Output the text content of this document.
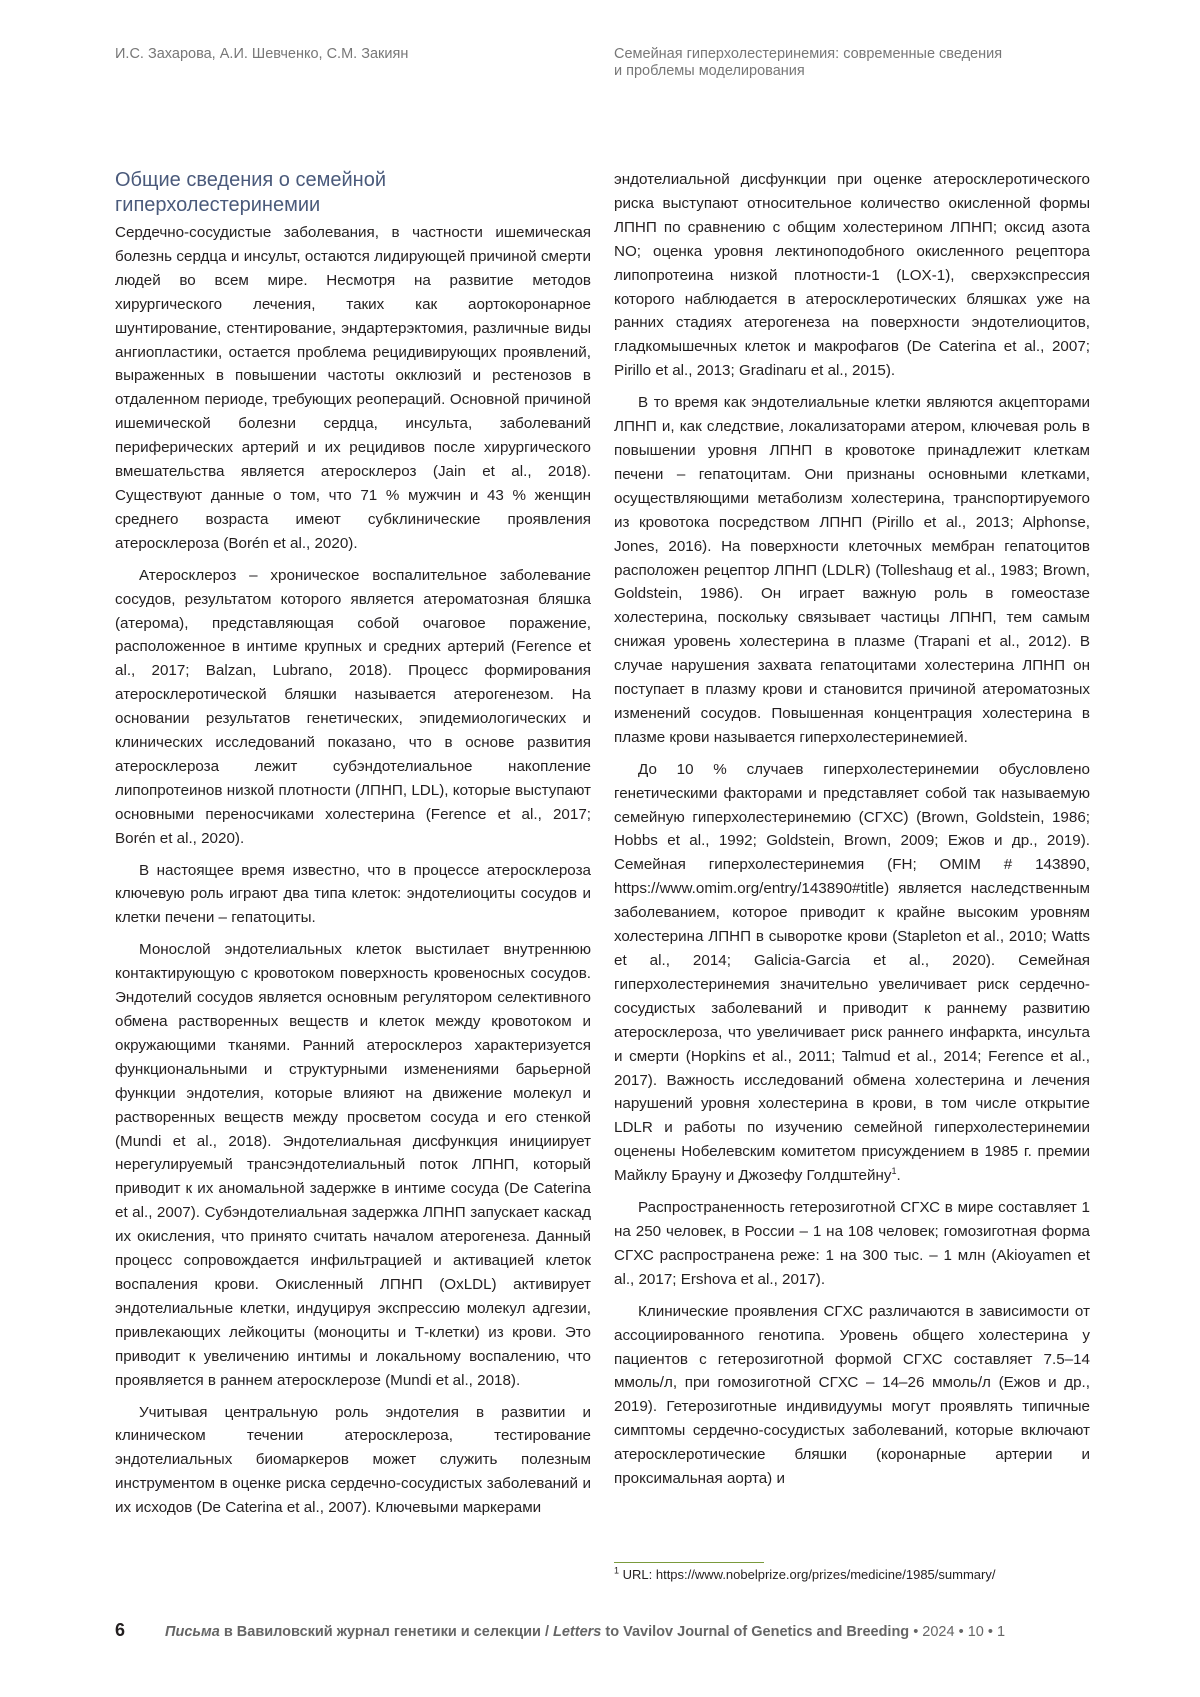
И.С. Захарова, А.И. Шевченко, С.М. Закиян	Семейная гиперхолестеринемия: современные сведения
и проблемы моделирования
Общие сведения о семейной
гиперхолестеринемии

Сердечно-сосудистые заболевания, в частности ишемическая болезнь сердца и инсульт, остаются лидирующей причиной смерти людей во всем мире. Несмотря на развитие методов хирургического лечения, таких как аортокоронарное шунтирование, стентирование, эндартерэктомия, различные виды ангиопластики, остается проблема рецидивирующих проявлений, выраженных в повышении частоты окклюзий и рестенозов в отдаленном периоде, требующих реопераций. Основной причиной ишемической болезни сердца, инсульта, заболеваний периферических артерий и их рецидивов после хирургического вмешательства является атеросклероз (Jain et al., 2018). Существуют данные о том, что 71 % мужчин и 43 % женщин среднего возраста имеют субклинические проявления атеросклероза (Borén et al., 2020).

Атеросклероз – хроническое воспалительное заболевание сосудов, результатом которого является атероматозная бляшка (атерома), представляющая собой очаговое поражение, расположенное в интиме крупных и средних артерий (Ference et al., 2017; Balzan, Lubrano, 2018). Процесс формирования атеросклеротической бляшки называется атерогенезом. На основании результатов генетических, эпидемиологических и клинических исследований показано, что в основе развития атеросклероза лежит субэндотелиальное накопление липопротеинов низкой плотности (ЛПНП, LDL), которые выступают основными переносчиками холестерина (Ference et al., 2017; Borén et al., 2020).

В настоящее время известно, что в процессе атеросклероза ключевую роль играют два типа клеток: эндотелиоциты сосудов и клетки печени – гепатоциты.

Монослой эндотелиальных клеток выстилает внутреннюю контактирующую с кровотоком поверхность кровеносных сосудов. Эндотелий сосудов является основным регулятором селективного обмена растворенных веществ и клеток между кровотоком и окружающими тканями. Ранний атеросклероз характеризуется функциональными и структурными изменениями барьерной функции эндотелия, которые влияют на движение молекул и растворенных веществ между просветом сосуда и его стенкой (Mundi et al., 2018). Эндотелиальная дисфункция инициирует нерегулируемый трансэндотелиальный поток ЛПНП, который приводит к их аномальной задержке в интиме сосуда (De Caterina et al., 2007). Субэндотелиальная задержка ЛПНП запускает каскад их окисления, что принято считать началом атерогенеза. Данный процесс сопровождается инфильтрацией и активацией клеток воспаления крови. Окисленный ЛПНП (OxLDL) активирует эндотелиальные клетки, индуцируя экспрессию молекул адгезии, привлекающих лейкоциты (моноциты и Т-клетки) из крови. Это приводит к увеличению интимы и локальному воспалению, что проявляется в раннем атеросклерозе (Mundi et al., 2018).

Учитывая центральную роль эндотелия в развитии и клиническом течении атеросклероза, тестирование эндотелиальных биомаркеров может служить полезным инструментом в оценке риска сердечно-сосудистых заболеваний и их исходов (De Caterina et al., 2007). Ключевыми маркерами

эндотелиальной дисфункции при оценке атеросклеротического риска выступают относительное количество окисленной формы ЛПНП по сравнению с общим холестерином ЛПНП; оксид азота NO; оценка уровня лектиноподобного окисленного рецептора липопротеина низкой плотности-1 (LOX-1), сверхэкспрессия которого наблюдается в атеросклеротических бляшках уже на ранних стадиях атерогенеза на поверхности эндотелиоцитов, гладкомышечных клеток и макрофагов (De Caterina et al., 2007; Pirillo et al., 2013; Gradinaru et al., 2015).

В то время как эндотелиальные клетки являются акцепторами ЛПНП и, как следствие, локализаторами атером, ключевая роль в повышении уровня ЛПНП в кровотоке принадлежит клеткам печени – гепатоцитам. Они признаны основными клетками, осуществляющими метаболизм холестерина, транспортируемого из кровотока посредством ЛПНП (Pirillo et al., 2013; Alphonse, Jones, 2016). На поверхности клеточных мембран гепатоцитов расположен рецептор ЛПНП (LDLR) (Tolleshaug et al., 1983; Brown, Goldstein, 1986). Он играет важную роль в гомеостазе холестерина, поскольку связывает частицы ЛПНП, тем самым снижая уровень холестерина в плазме (Trapani et al., 2012). В случае нарушения захвата гепатоцитами холестерина ЛПНП он поступает в плазму крови и становится причиной атероматозных изменений сосудов. Повышенная концентрация холестерина в плазме крови называется гиперхолестеринемией.

До 10 % случаев гиперхолестеринемии обусловлено генетическими факторами и представляет собой так называемую семейную гиперхолестеринемию (СГХС) (Brown, Goldstein, 1986; Hobbs et al., 1992; Goldstein, Brown, 2009; Ежов и др., 2019). Семейная гиперхолестеринемия (FH; OMIM # 143890, https://www.omim.org/entry/143890#title) является наследственным заболеванием, которое приводит к крайне высоким уровням холестерина ЛПНП в сыворотке крови (Stapleton et al., 2010; Watts et al., 2014; Galicia-Garcia et al., 2020). Семейная гиперхолестеринемия значительно увеличивает риск сердечно-сосудистых заболеваний и приводит к раннему развитию атеросклероза, что увеличивает риск раннего инфаркта, инсульта и смерти (Hopkins et al., 2011; Talmud et al., 2014; Ference et al., 2017). Важность исследований обмена холестерина и лечения нарушений уровня холестерина в крови, в том числе открытие LDLR и работы по изучению семейной гиперхолестеринемии оценены Нобелевским комитетом присуждением в 1985 г. премии Майклу Брауну и Джозефу Голдштейну$^1$.

Распространенность гетерозиготной СГХС в мире составляет 1 на 250 человек, в России – 1 на 108 человек; гомозиготная форма СГХС распространена реже: 1 на 300 тыс. – 1 млн (Akioyamen et al., 2017; Ershova et al., 2017).

Клинические проявления СГХС различаются в зависимости от ассоциированного генотипа. Уровень общего холестерина у пациентов с гетерозиготной формой СГХС составляет 7.5–14 ммоль/л, при гомозиготной СГХС – 14–26 ммоль/л (Ежов и др., 2019). Гетерозиготные индивидуумы могут проявлять типичные симптомы сердечно-сосудистых заболеваний, которые включают атеросклеротические бляшки (коронарные артерии и проксимальная аорта) и

$^1$ URL: https://www.nobelprize.org/prizes/medicine/1985/summary/
6	Письма в Вавиловский журнал генетики и селекции / Letters to Vavilov Journal of Genetics and Breeding • 2024 • 10 • 1
